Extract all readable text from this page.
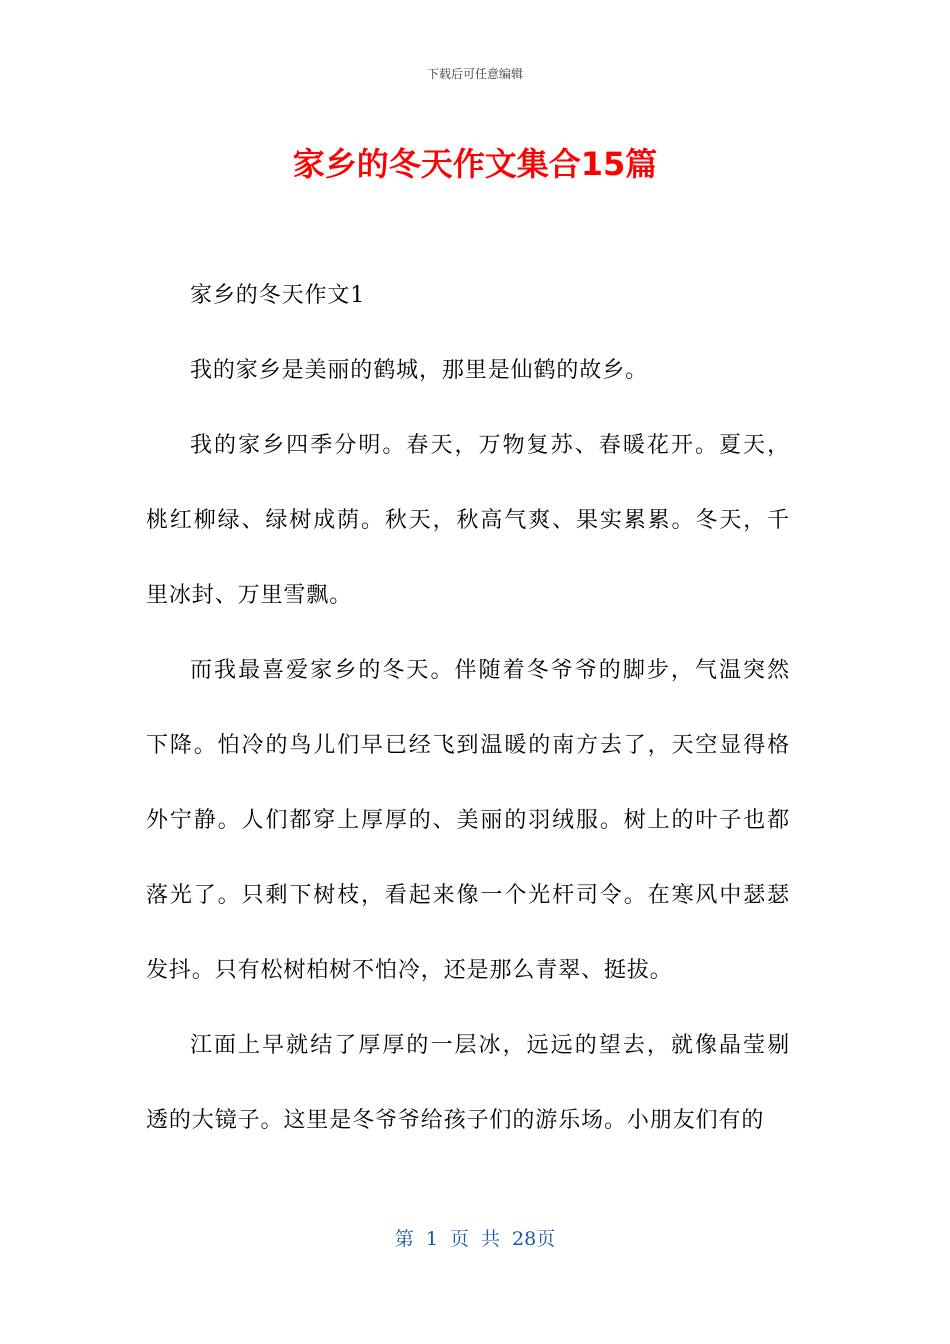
下载后可任意编辑
家乡的冬天作文集合15篇

家乡的冬天作文1

我的家乡是美丽的鹤城，那里是仙鹤的故乡。

我的家乡四季分明。春天，万物复苏、春暖花开。夏天，

桃红柳绿、绿树成荫。秋天，秋高气爽、果实累累。冬天，千

里冰封、万里雪飘。

而我最喜爱家乡的冬天。伴随着冬爷爷的脚步，气温突然

下降。怕冷的鸟儿们早已经飞到温暖的南方去了，天空显得格

外宁静。人们都穿上厚厚的、美丽的羽绒服。树上的叶子也都

落光了。只剩下树枝，看起来像一个光杆司令。在寒风中瑟瑟

发抖。只有松树柏树不怕冷，还是那么青翠、挺拔。

江面上早就结了厚厚的一层冰，远远的望去，就像晶莹剔

透的大镜子。这里是冬爷爷给孩子们的游乐场。小朋友们有的

第 1 页 共 28页
